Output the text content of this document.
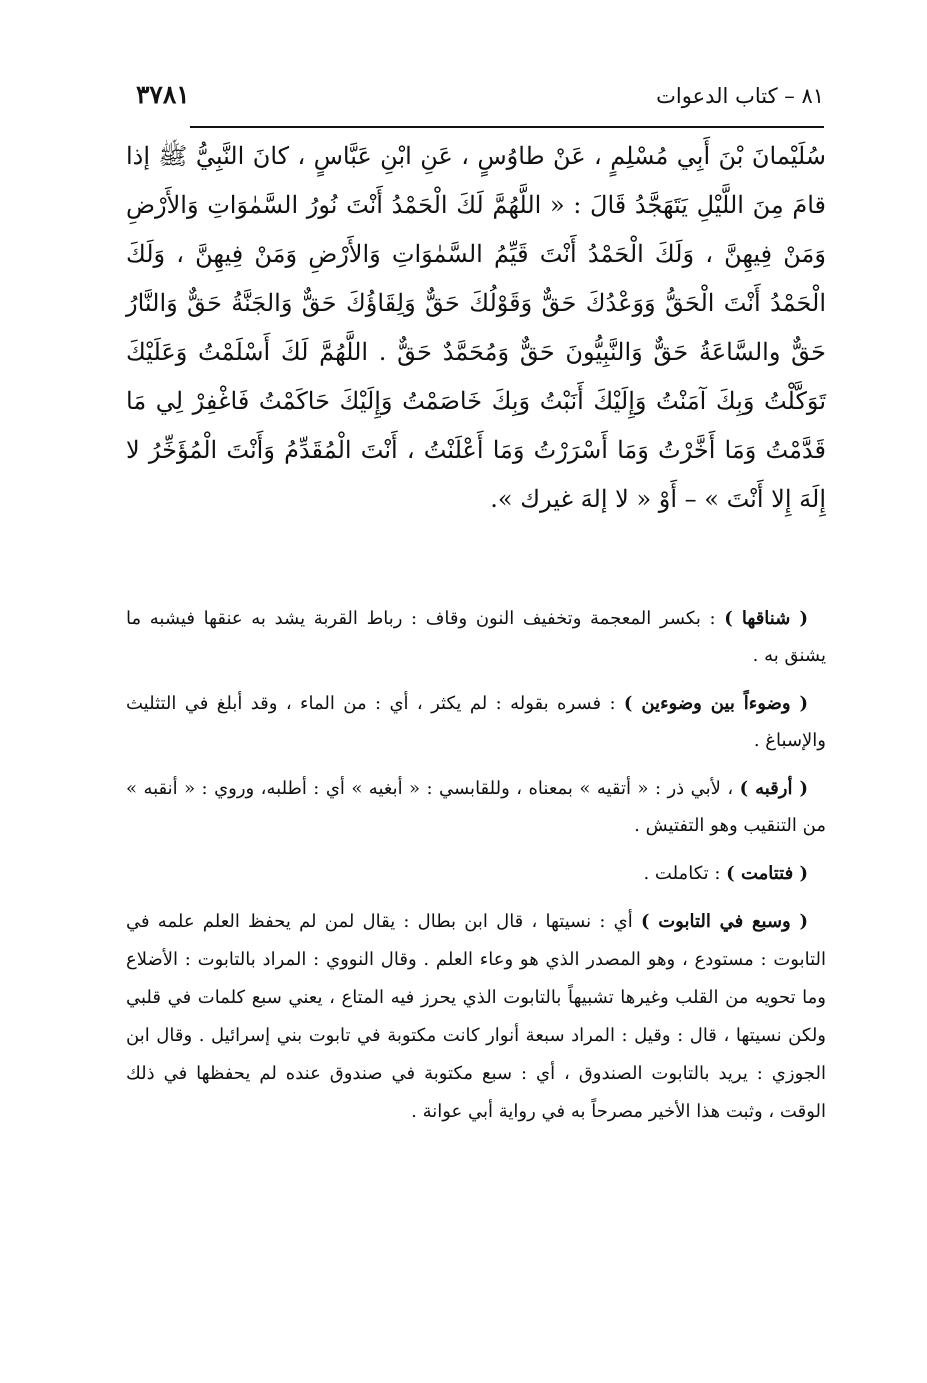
٨١ – كتاب الدعوات
٣٧٨١

سُلَيْمانَ بْنَ أَبِي مُسْلِمٍ ، عَنْ طاوُسٍ ، عَنِ ابْنِ عَبَّاسٍ ، كانَ النَّبِيُّ ﷺ إذا قامَ مِنَ اللَّيْلِ يَتَهَجَّدُ قَالَ : « اللَّهُمَّ لَكَ الْحَمْدُ أَنْتَ نُورُ السَّمٰوَاتِ وَالأَرْضِ وَمَنْ فِيهِنَّ ، وَلَكَ الْحَمْدُ أَنْتَ قَيِّمُ السَّمٰوَاتِ وَالأَرْضِ وَمَنْ فِيهِنَّ ، وَلَكَ الْحَمْدُ أَنْتَ الْحَقُّ وَوَعْدُكَ حَقٌّ وَقَوْلُكَ حَقٌّ وَلِقَاؤُكَ حَقٌّ وَالجَنَّةُ حَقٌّ وَالنَّارُ حَقٌّ والسَّاعَةُ حَقٌّ وَالنَّبِيُّونَ حَقٌّ وَمُحَمَّدٌ حَقٌّ . اللَّهُمَّ لَكَ أَسْلَمْتُ وَعَلَيْكَ تَوَكَّلْتُ وَبِكَ آمَنْتُ وَإِلَيْكَ أَنَبْتُ وَبِكَ خَاصَمْتُ وَإِلَيْكَ حَاكَمْتُ فَاغْفِرْ لِي مَا قَدَّمْتُ وَمَا أَخَّرْتُ وَمَا أَسْرَرْتُ وَمَا أَعْلَنْتُ ، أَنْتَ الْمُقَدِّمُ وَأَنْتَ الْمُؤَخِّرُ لا إِلَهَ إِلا أَنْتَ » – أَوْ « لا إلهَ غيرك ».

( شناقها ) : بكسر المعجمة وتخفيف النون وقاف : رباط القربة يشد به عنقها فيشبه ما يشنق به .

( وضوءاً بين وضوءين ) : فسره بقوله : لم يكثر ، أي : من الماء ، وقد أبلغ في التثليث والإسباغ .

( أرقبه ) ، لأبي ذر : « أتقيه » بمعناه ، وللقابسي : « أبغيه » أي : أطلبه، وروي : « أنقبه » من التنقيب وهو التفتيش .

( فتتامت ) : تكاملت .

( وسبع في التابوت ) أي : نسيتها ، قال ابن بطال : يقال لمن لم يحفظ العلم علمه في التابوت : مستودع ، وهو المصدر الذي هو وعاء العلم . وقال النووي : المراد بالتابوت : الأضلاع وما تحويه من القلب وغيرها تشبيهاً بالتابوت الذي يحرز فيه المتاع ، يعني سبع كلمات في قلبي ولكن نسيتها ، قال : وقيل : المراد سبعة أنوار كانت مكتوبة في تابوت بني إسرائيل . وقال ابن الجوزي : يريد بالتابوت الصندوق ، أي : سبع مكتوبة في صندوق عنده لم يحفظها في ذلك الوقت ، وثبت هذا الأخير مصرحاً به في رواية أبي عوانة .
